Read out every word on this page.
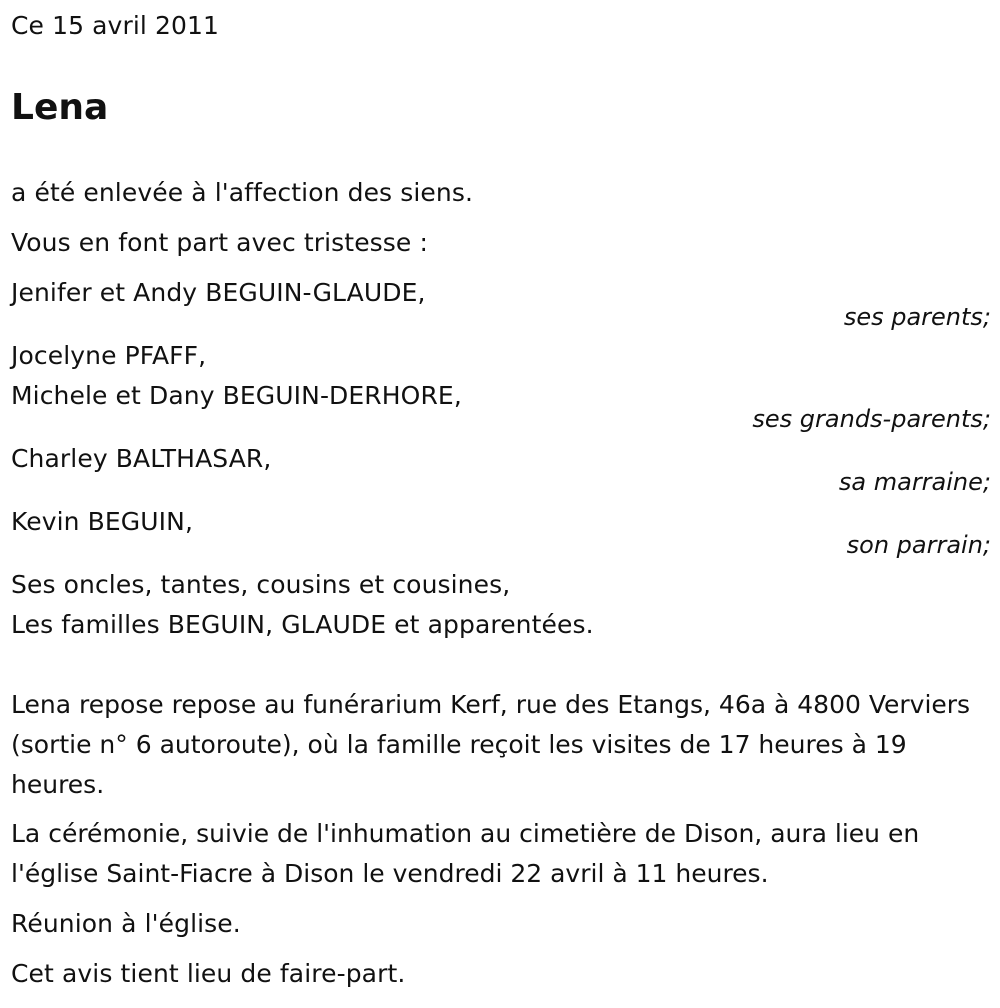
Ce 15 avril 2011
Lena
a été enlevée à l'affection des siens.
Vous en font part avec tristesse :
Jenifer et Andy BEGUIN-GLAUDE,
ses parents;
Jocelyne PFAFF,
Michele et Dany BEGUIN-DERHORE,
ses grands-parents;
Charley BALTHASAR,
sa marraine;
Kevin BEGUIN,
son parrain;
Ses oncles, tantes, cousins et cousines,
Les familles BEGUIN, GLAUDE et apparentées.
Lena repose repose au funérarium Kerf, rue des Etangs, 46a à 4800 Verviers (sortie n° 6 autoroute), où la famille reçoit les visites de 17 heures à 19 heures.
La cérémonie, suivie de l'inhumation au cimetière de Dison, aura lieu en l'église Saint-Fiacre à Dison le vendredi 22 avril à 11 heures.
Réunion à l'église.
Cet avis tient lieu de faire-part.
